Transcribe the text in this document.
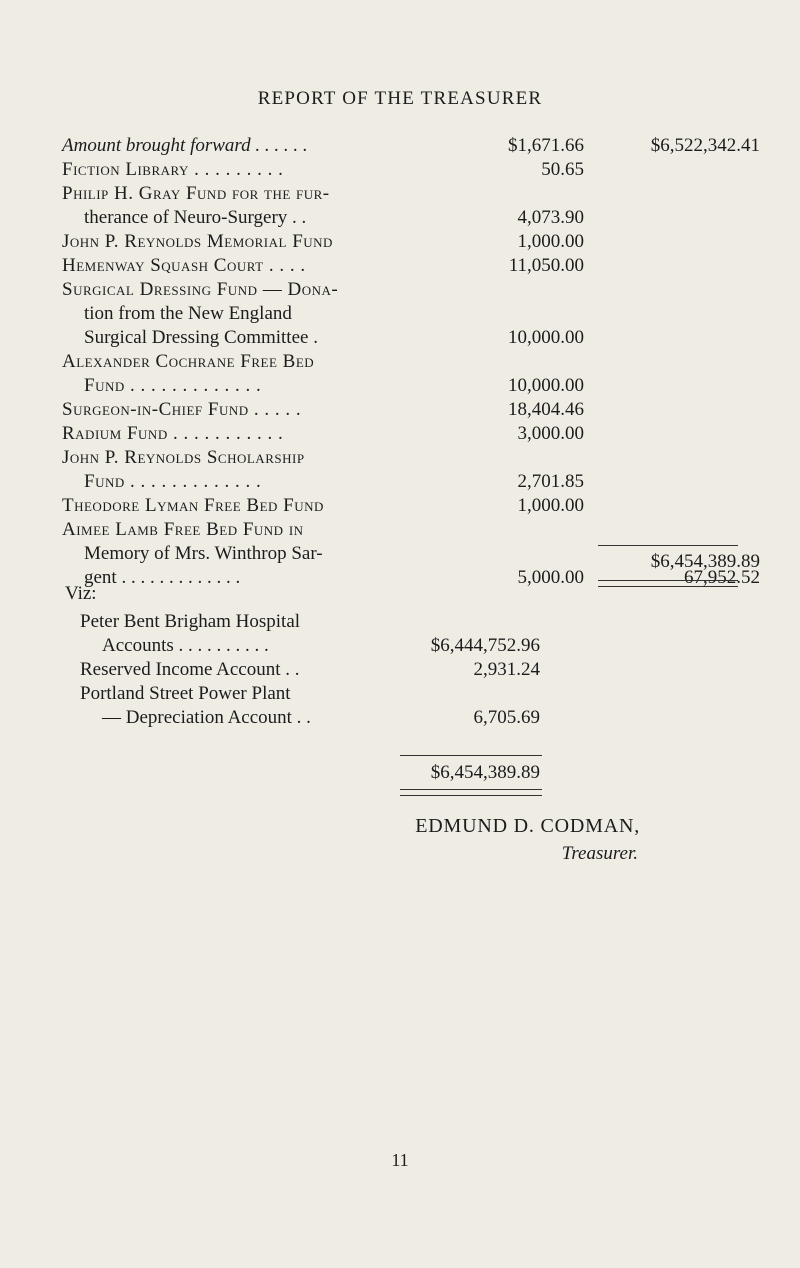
REPORT OF THE TREASURER
Amount brought forward . . . . . .	$1,671.66	$6,522,342.41
Fiction Library . . . . . . . . .	50.65
Philip H. Gray Fund for the fur-
therance of Neuro-Surgery . .	4,073.90
John P. Reynolds Memorial Fund	1,000.00
Hemenway Squash Court . . . .	11,050.00
Surgical Dressing Fund — Dona-
tion from the New England
Surgical Dressing Committee .	10,000.00
Alexander Cochrane Free Bed
Fund . . . . . . . . . . . . .	10,000.00
Surgeon-in-Chief Fund . . . . .	18,404.46
Radium Fund . . . . . . . . . . .	3,000.00
John P. Reynolds Scholarship
Fund . . . . . . . . . . . . .	2,701.85
Theodore Lyman Free Bed Fund	1,000.00
Aimee Lamb Free Bed Fund in
Memory of Mrs. Winthrop Sar-
gent . . . . . . . . . . . . .	5,000.00	67,952.52
$6,454,389.89
Viz:
Peter Bent Brigham Hospital
Accounts . . . . . . . . . .	$6,444,752.96
Reserved Income Account . .	2,931.24
Portland Street Power Plant
— Depreciation Account . .	6,705.69
$6,454,389.89
EDMUND D. CODMAN,
Treasurer.
11
